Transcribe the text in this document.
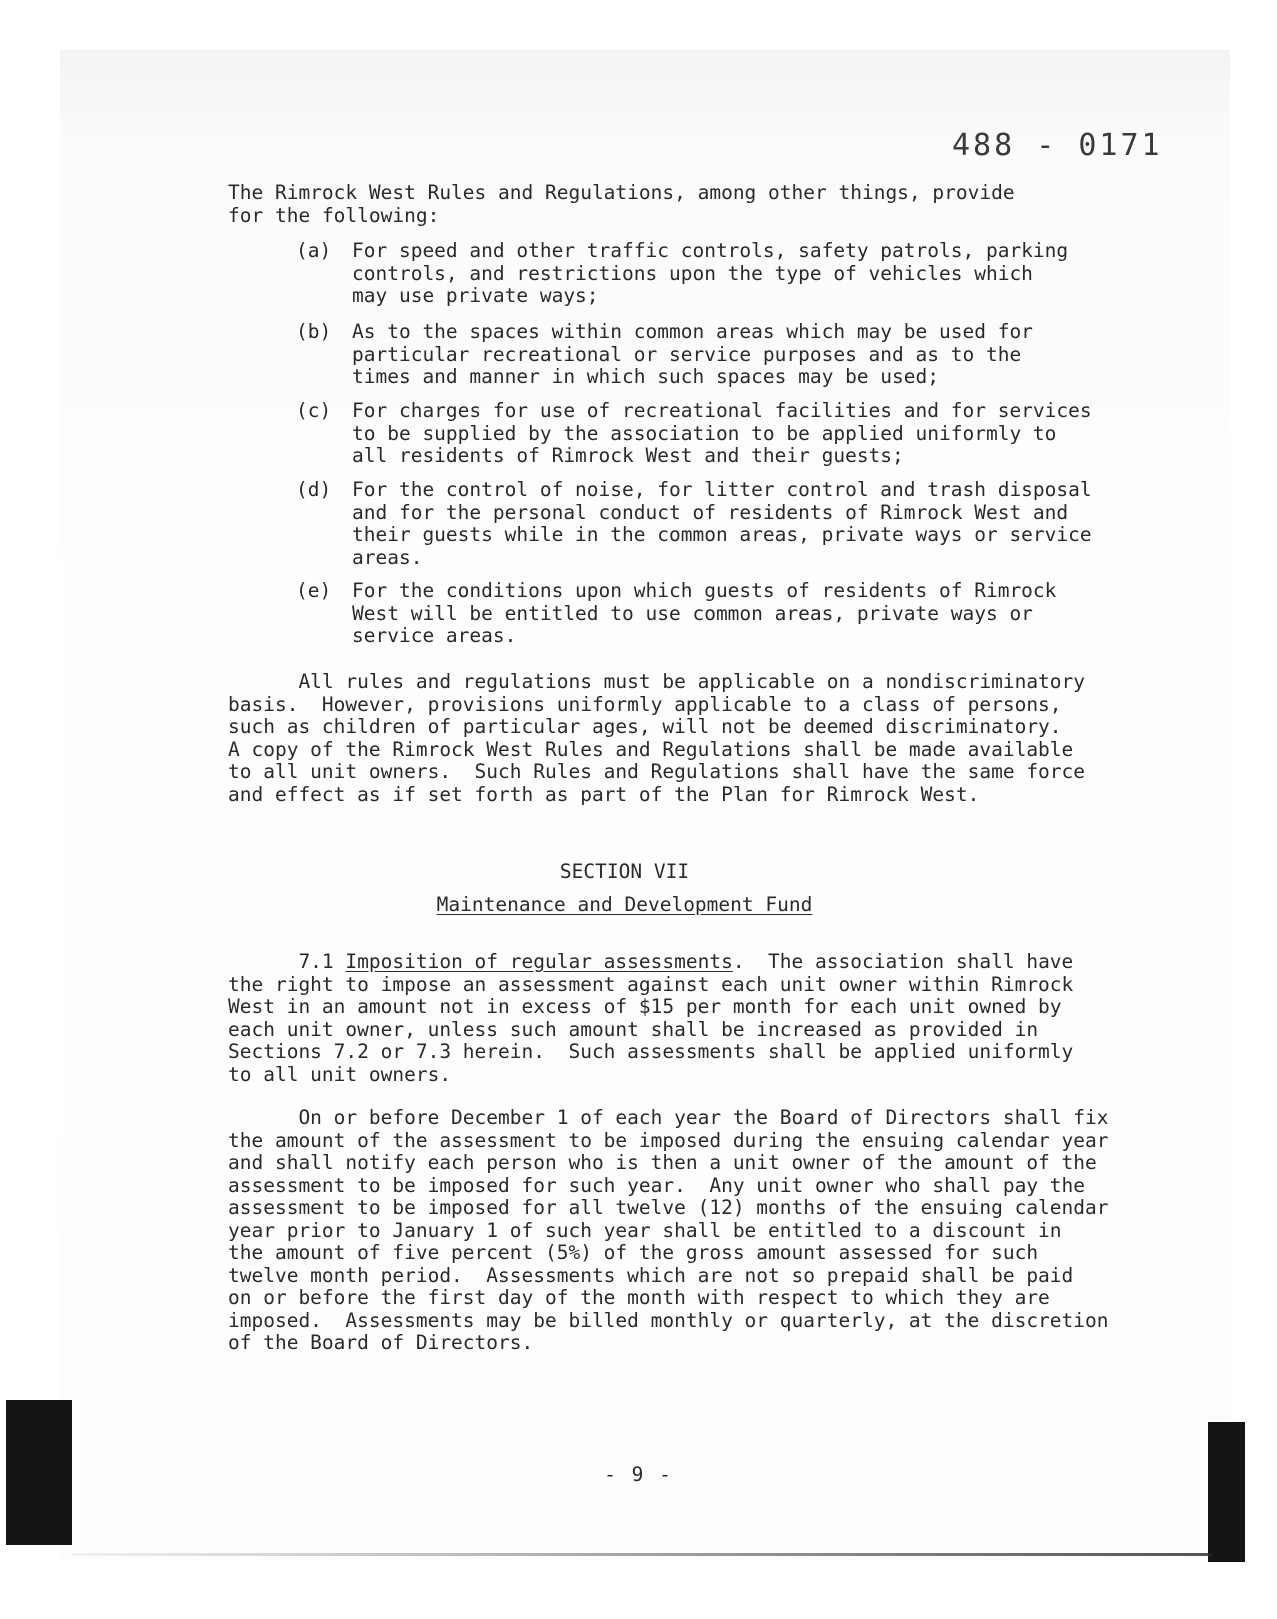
488 - 0171
The Rimrock West Rules and Regulations, among other things, provide
for the following:
(a) For speed and other traffic controls, safety patrols, parking
controls, and restrictions upon the type of vehicles which
may use private ways;
(b) As to the spaces within common areas which may be used for
particular recreational or service purposes and as to the
times and manner in which such spaces may be used;
(c) For charges for use of recreational facilities and for services
to be supplied by the association to be applied uniformly to
all residents of Rimrock West and their guests;
(d) For the control of noise, for litter control and trash disposal
and for the personal conduct of residents of Rimrock West and
their guests while in the common areas, private ways or service
areas.
(e) For the conditions upon which guests of residents of Rimrock
West will be entitled to use common areas, private ways or
service areas.
All rules and regulations must be applicable on a nondiscriminatory
basis.  However, provisions uniformly applicable to a class of persons,
such as children of particular ages, will not be deemed discriminatory.
A copy of the Rimrock West Rules and Regulations shall be made available
to all unit owners.  Such Rules and Regulations shall have the same force
and effect as if set forth as part of the Plan for Rimrock West.
SECTION VII
Maintenance and Development Fund
7.1 Imposition of regular assessments.  The association shall have
the right to impose an assessment against each unit owner within Rimrock
West in an amount not in excess of $15 per month for each unit owned by
each unit owner, unless such amount shall be increased as provided in
Sections 7.2 or 7.3 herein.  Such assessments shall be applied uniformly
to all unit owners.
On or before December 1 of each year the Board of Directors shall fix
the amount of the assessment to be imposed during the ensuing calendar year
and shall notify each person who is then a unit owner of the amount of the
assessment to be imposed for such year.  Any unit owner who shall pay the
assessment to be imposed for all twelve (12) months of the ensuing calendar
year prior to January 1 of such year shall be entitled to a discount in
the amount of five percent (5%) of the gross amount assessed for such
twelve month period.  Assessments which are not so prepaid shall be paid
on or before the first day of the month with respect to which they are
imposed.  Assessments may be billed monthly or quarterly, at the discretion
of the Board of Directors.
- 9 -
